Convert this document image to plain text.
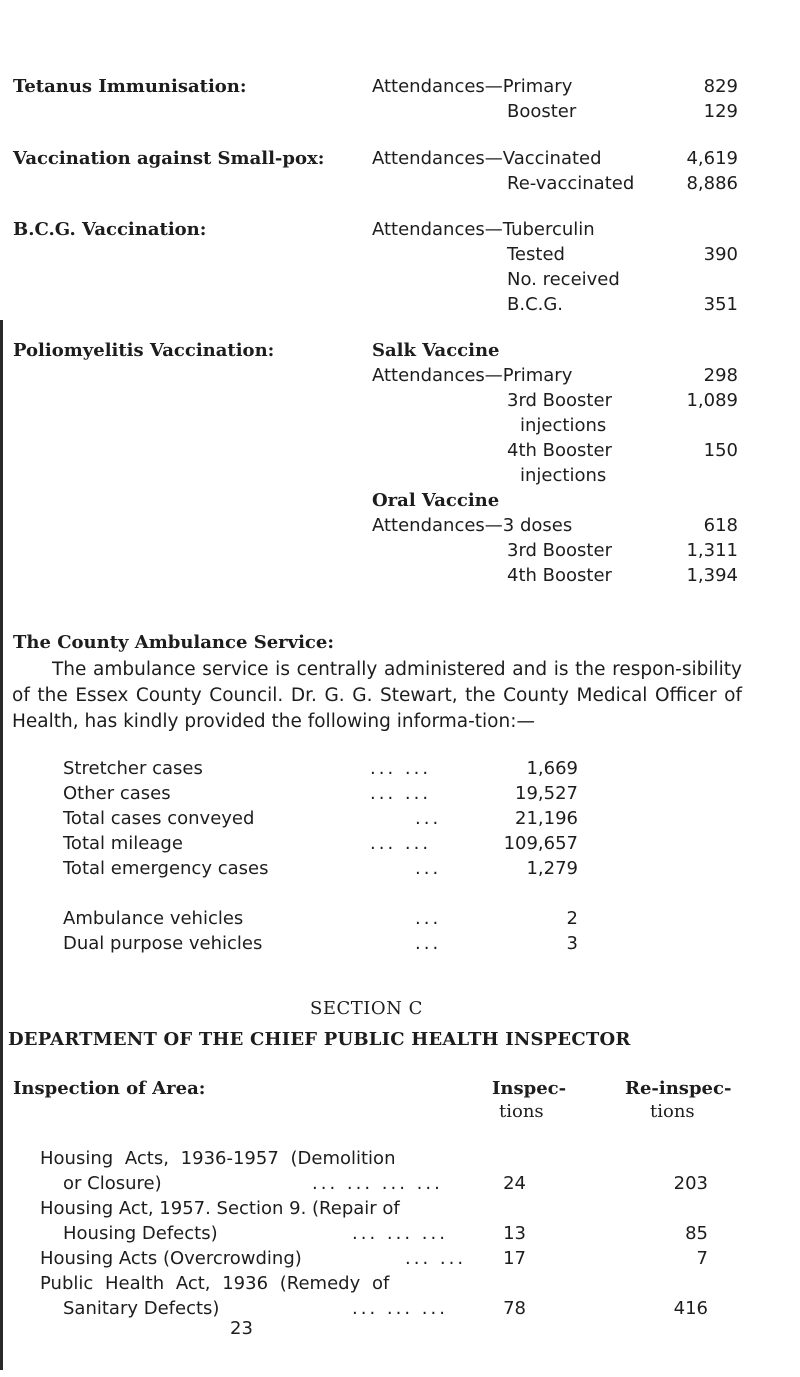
Tetanus Immunisation:	Attendances—Primary	829
Booster	129
Vaccination against Small-pox:	Attendances—Vaccinated	4,619
Re-vaccinated	8,886
B.C.G. Vaccination:	Attendances—Tuberculin
Tested	390
No. received
B.C.G.	351
Poliomyelitis Vaccination:	Salk Vaccine
Attendances—Primary	298
3rd Booster	1,089
injections
4th Booster	150
injections
Oral Vaccine
Attendances—3 doses	618
3rd Booster	1,311
4th Booster	1,394
The County Ambulance Service:

The ambulance service is centrally administered and is the respon-sibility of the Essex County Council. Dr. G. G. Stewart, the County Medical Officer of Health, has kindly provided the following informa-tion:—

Stretcher cases	... ...	1,669
Other cases	... ...	19,527
Total cases conveyed	...	21,196
Total mileage	... ...	109,657
Total emergency cases	...	1,279
Ambulance vehicles	...	2
Dual purpose vehicles	...	3
SECTION C
DEPARTMENT OF THE CHIEF PUBLIC HEALTH INSPECTOR
Inspection of Area:	Inspec-
tions
Re-inspec-
tions
Housing Acts, 1936-1957 (Demolition
or Closure)	... ... ... ...	24	203
Housing Act, 1957. Section 9. (Repair of
Housing Defects)	... ... ...	13	85
Housing Acts (Overcrowding)	... ...	17	7
Public Health Act, 1936 (Remedy of
Sanitary Defects)	... ... ...	78	416
23
